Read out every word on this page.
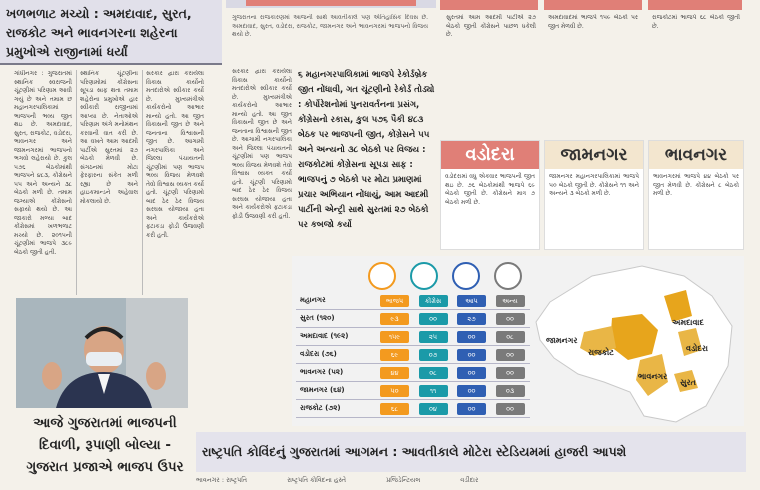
ખળભળાટ મચ્યો : અમદાવાદ, સુરત, રાજકોટ અને ભાવનગરના શહેરના પ્રમુખોએ રાજીનામાં ધર્યાં
ગાંધીનગર : ગુજરાતમાં સ્થાનિક સ્વરાજની ચૂંટણીમાં પરિણામ આવી ગયું છે અને તમામ છ મહાનગરપાલિકામાં ભાજપની ભવ્ય જીત થઇ છે. અમદાવાદ, સુરત, રાજકોટ, વડોદરા, ભાવનગર અને જામનગરમાં ભાજપનો ભગવો લહેરાયો છે. કુલ ૫૭૬ બેઠકોમાંથી ભાજપને ૪૮૩, કોંગ્રેસને ૫૫ અને અન્યને ૩૮ બેઠકો મળી છે. તમામ જગ્યાએ કોંગ્રેસનો સફાયો થયો છે. આ જાકારો મળ્યા બાદ કોંગ્રેસમાં ખળભળાટ મચ્યો છે. ૨૦૧૫ની ચૂંટણીમાં ભાજપે ૩૮૯ બેઠકો જીતી હતી.
સ્થાનિક ચૂંટણીના પરિણામોમાં કોંગ્રેસના સૂપડા સાફ થતા તમામ શહેરોના પ્રમુખોએ હાર સ્વીકારી રાજીનામાં આપ્યા છે. નેતાઓએ પરિણામ અંગે મનોમંથન કરવાની વાત કરી છે. આ વખતે આમ આદમી પાર્ટીએ સુરતમાં ૨૭ બેઠકો મેળવી છે. સંગઠનમાં મોટા ફેરફારના સંકેત મળી રહ્યા છે અને હાઇકમાન્ડને અહેવાલ મોકલાયો છે.
સરકાર દ્વારા કરાયેલા વિકાસ કાર્યોનો મતદારોએ સ્વીકાર કર્યો છે. મુખ્યમંત્રીએ કાર્યકરોનો આભાર માન્યો હતો. આ જીત વિકાસની જીત છે અને જનતાના વિશ્વાસની જીત છે. આગામી નગરપાલિકા અને જિલ્લા પંચાયતની ચૂંટણીમાં પણ ભાજપ ભવ્ય વિજય મેળવશે તેવો વિશ્વાસ વ્યક્ત કર્યો હતો. ચૂંટણી પરિણામો બાદ ઠેર ઠેર વિજય સરઘસ યોજાયા હતા અને કાર્યકરોએ ફટાકડા ફોડી ઉજવણી કરી હતી.
આજે ગુજરાતમાં ભાજપની દિવાળી, રૂપાણી બોલ્યા - ગુજરાત પ્રજાએ ભાજપ ઉપર
ગુજરાતના રાજકારણમાં આજની સાથે આવતીકાલે પણ એતિહાસિક દિવસ છે. અમદાવાદ, સુરત, વડોદરા, રાજકોટ, જામનગર અને ભાવનગરમાં ભાજપનો વિજય થયો છે.
૬ મહાનગરપાલિકામાં ભાજપે રેકોર્ડબ્રેક જીત નોંધાવી, ગત ચૂંટણીનો રેકોર્ડ તોડ્યો : કોર્પોરેશનોમાં પુનરાવર્તનના પ્રસંગ, કોંગ્રેસનો રકાસ, કુલ ૫૭૬ પૈકી ૪૮૩ બેઠક પર ભાજપની જીત, કોંગ્રેસને ૫૫ અને અન્યનો ૩૮ બેઠકો પર વિજય : રાજકોટમાં કોંગ્રેસના સૂપડા સાફ : ભાજપનું ૭ બેઠકો પર મોટા પ્રમાણમાં પ્રચાર અભિયાન નોંધાયું, આમ આદમી પાર્ટીની એન્ટ્રી સાથે સુરતમાં ૨૭ બેઠકો પર કબજો કર્યો
સરકાર દ્વારા કરાયેલા વિકાસ કાર્યોનો મતદારોએ સ્વીકાર કર્યો છે. મુખ્યમંત્રીએ કાર્યકરોનો આભાર માન્યો હતો. આ જીત વિકાસની જીત છે અને જનતાના વિશ્વાસની જીત છે. આગામી નગરપાલિકા અને જિલ્લા પંચાયતની ચૂંટણીમાં પણ ભાજપ ભવ્ય વિજય મેળવશે તેવો વિશ્વાસ વ્યક્ત કર્યો હતો. ચૂંટણી પરિણામો બાદ ઠેર ઠેર વિજય સરઘસ યોજાયા હતા અને કાર્યકરોએ ફટાકડા ફોડી ઉજવણી કરી હતી.
સુરતમાં આમ આદમી પાર્ટીએ ૨૭ બેઠકો જીતી કોંગ્રેસને પાછળ ધકેલી છે.
અમદાવાદમાં ભાજપે ૧૫૯ બેઠકો પર જીત મેળવી છે.
રાજકોટમાં ભાજપે ૬૮ બેઠકો જીતી છે.
વડોદરા
વડોદરામાં વધુ એકવાર ભાજપની જીત થઇ છે. ૭૬ બેઠકોમાંથી ભાજપે ૬૯ બેઠકો જીતી છે. કોંગ્રેસને માત્ર ૭ બેઠકો મળી છે.
જામનગર
જામનગર મહાનગરપાલિકામાં ભાજપે ૫૦ બેઠકો જીતી છે. કોંગ્રેસને ૧૧ અને અન્યને ૩ બેઠકો મળી છે.
ભાવનગર
ભાવનગરમાં ભાજપે ૪૪ બેઠકો પર જીત મેળવી છે. કોંગ્રેસને ૮ બેઠકો મળી છે.
અમદાવાદ
જામનગર
રાજકોટ	વડોદરા
ભાવનગર
સુરત
મહાનગર	ભાજપ	કોંગ્રેસ	આપ	અન્ય
સુરત (૧૨૦)	૯૩	૦૦	૨૭	૦૦
અમદાવાદ (૧૯૨)	૧૫૯	૨૫	૦૦	૦૮
વડોદરા (૭૬)	૬૯	૦૭	૦૦	૦૦
ભાવનગર (૫૨)	૪૪	૦૮	૦૦	૦૦
જામનગર (૬૪)	૫૦	૧૧	૦૦	૦૩
રાજકોટ (૭૨)	૬૮	૦૪	૦૦	૦૦
રાષ્ટ્રપતિ કોવિંદનું ગુજરાતમાં આગમન : આવતીકાલે મોટેરા સ્ટેડિયમમાં હાજરી આપશે
ભાવનગર : રાષ્ટ્રપતિ	રાષ્ટ્રપતિ કોવિંદના હસ્તે	પ્રજિડેન્ટિયલ	વડીદાર
